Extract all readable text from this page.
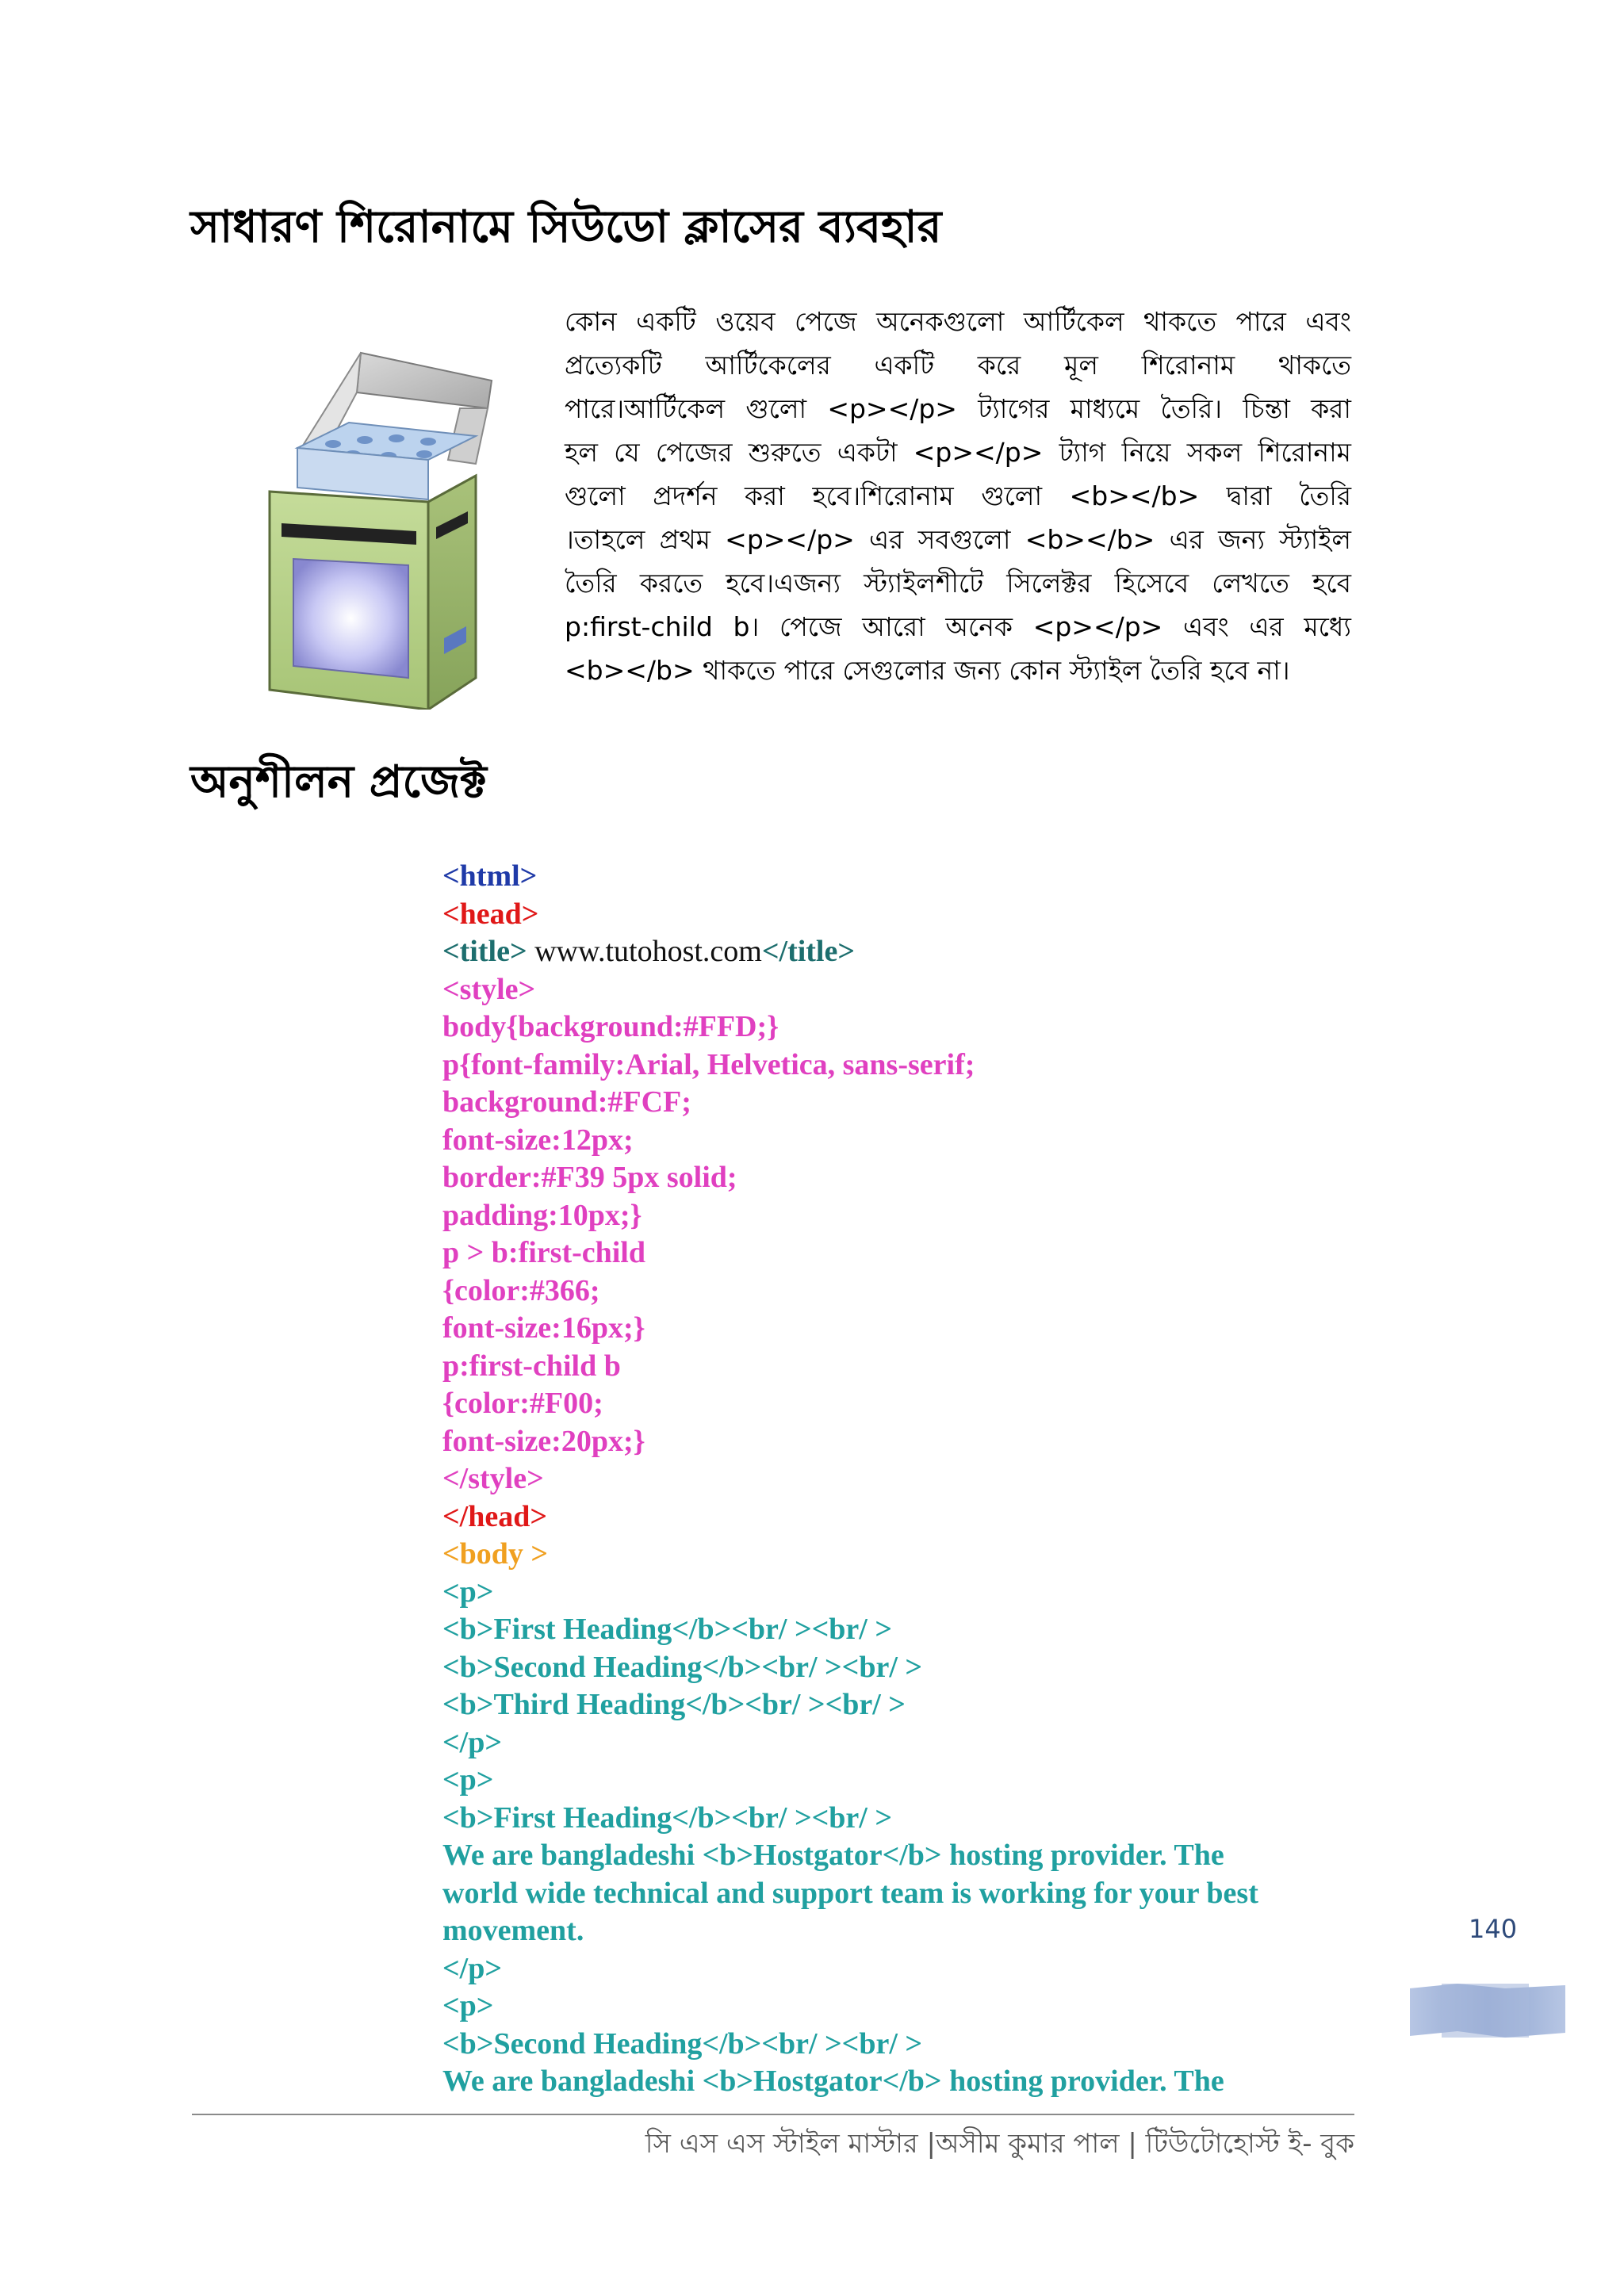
সাধারণ শিরোনামে সিউডো ক্লাসের ব্যবহার
কোন একটি ওয়েব পেজে অনেকগুলো আর্টিকেল থাকতে পারে এবং
প্রত্যেকটি আর্টিকেলের একটি করে মূল শিরোনাম থাকতে
পারে।আর্টিকেল গুলো <p></p> ট্যাগের মাধ্যমে তৈরি। চিন্তা করা
হল যে পেজের শুরুতে একটা <p></p> ট্যাগ নিয়ে সকল শিরোনাম
গুলো প্রদর্শন করা হবে।শিরোনাম গুলো <b></b> দ্বারা তৈরি
।তাহলে প্রথম <p></p> এর সবগুলো <b></b> এর জন্য স্ট্যাইল
তৈরি করতে হবে।এজন্য স্ট্যাইলশীটে সিলেক্টর হিসেবে লেখতে হবে
p:first-child b। পেজে আরো অনেক <p></p> এবং এর মধ্যে
<b></b> থাকতে পারে সেগুলোর জন্য কোন স্ট্যাইল তৈরি হবে না।
অনুশীলন প্রজেক্ট
<html>
<head>
<title> www.tutohost.com</title>
<style>
body{background:#FFD;}
p{font-family:Arial, Helvetica, sans-serif;
background:#FCF;
font-size:12px;
border:#F39 5px solid;
padding:10px;}
p > b:first-child
{color:#366;
font-size:16px;}
p:first-child b
{color:#F00;
font-size:20px;}
</style>
</head>
<body >
<p>
<b>First Heading</b><br/ ><br/ >
<b>Second Heading</b><br/ ><br/ >
<b>Third Heading</b><br/ ><br/ >
</p>
<p>
<b>First Heading</b><br/ ><br/ >
We are bangladeshi <b>Hostgator</b> hosting provider. The
world wide technical and support team is working for your best
movement.
</p>
<p>
<b>Second Heading</b><br/ ><br/ >
We are bangladeshi <b>Hostgator</b> hosting provider. The
140
সি এস এস স্টাইল মাস্টার |অসীম কুমার পাল | টিউটোহোস্ট ই- বুক
